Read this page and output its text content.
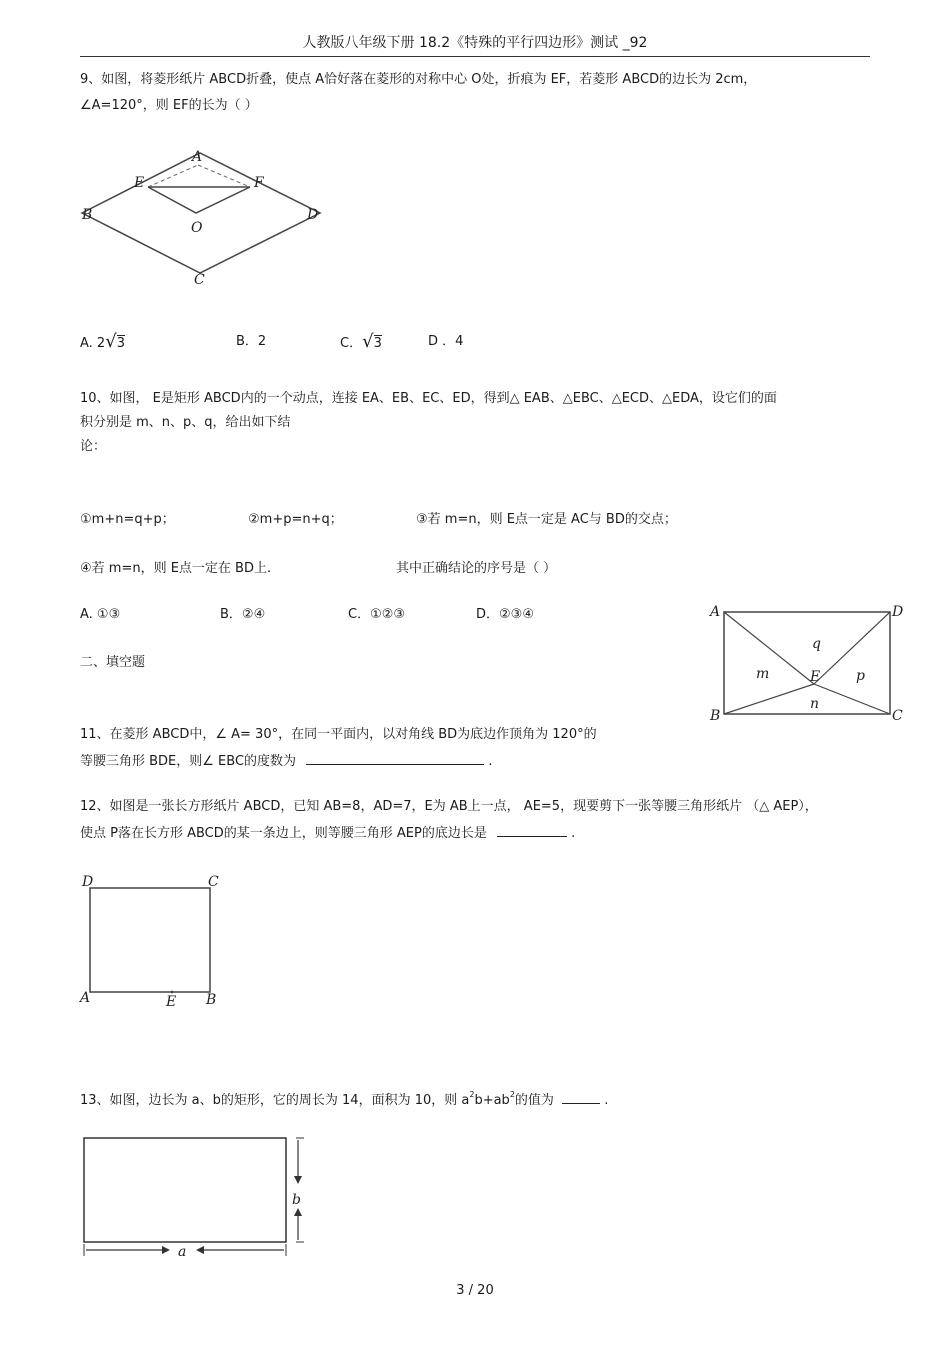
人教版八年级下册 18.2《特殊的平行四边形》测试 _92
9、如图，将菱形纸片 ABCD折叠，使点 A恰好落在菱形的对称中心 O处，折痕为 EF，若菱形 ABCD的边长为 2cm，
∠A=120°，则 EF的长为（ ）
A
E	F
B	D
O
C
A. 2√3	B．2	C．√3	D ．4
10、如图， E是矩形 ABCD内的一个动点，连接 EA、EB、EC、ED，得到△ EAB、△EBC、△ECD、△EDA，设它们的面
积分别是 m、n、p、q，给出如下结
论：
①m+n=q+p；	②m+p=n+q；	③若 m=n，则 E点一定是 AC与 BD的交点；
④若 m=n，则 E点一定在 BD上.	其中正确结论的序号是（ ）
A. ①③	B．②④	C．①②③	D．②③④	A	D
B	C
E
m
n
p
q
二、填空题
11、在菱形 ABCD中，∠ A= 30°，在同一平面内，以对角线 BD为底边作顶角为 120°的
等腰三角形 BDE，则∠ EBC的度数为	.
12、如图是一张长方形纸片 ABCD，已知 AB=8，AD=7，E为 AB上一点， AE=5，现要剪下一张等腰三角形纸片 （△ AEP），
使点 P落在长方形 ABCD的某一条边上，则等腰三角形 AEP的底边长是	.
D	C
A	E B
13、如图，边长为 a、b的矩形，它的周长为 14，面积为 10，则 $a^2b+ab^2$的值为	.
b
a
3 / 20
